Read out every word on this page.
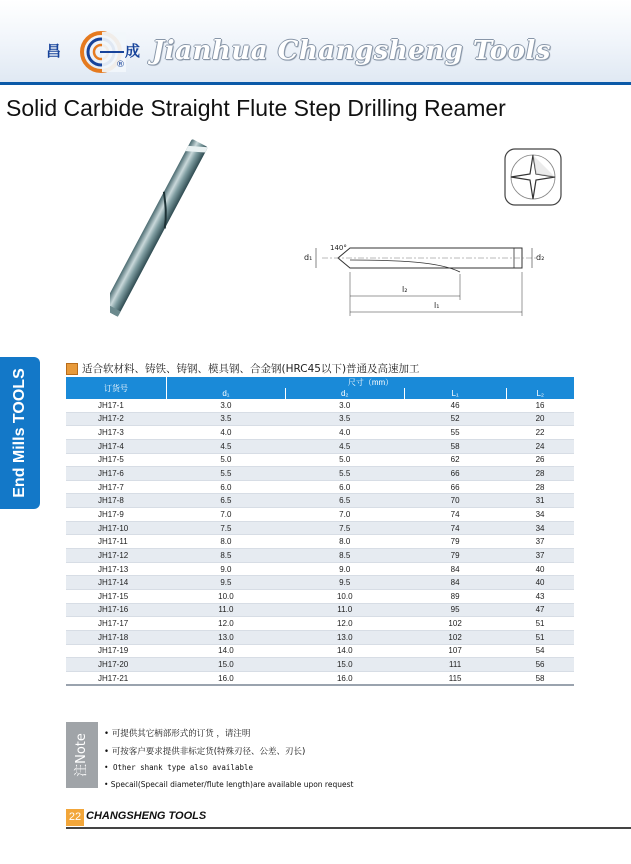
昌
®
成 Jianhua Changsheng Tools
Solid Carbide Straight Flute Step Drilling Reamer
d₁
140°
d₂
l₂
l₁
End Mills TOOLS	适合软材料、铸铁、铸钢、模具钢、合金钢(HRC45以下)普通及高速加工
订货号	尺寸（mm）			
	d₁	d₂	L₁	L₂
JH17-1	3.0	3.0	46	16
JH17-2	3.5	3.5	52	20
JH17-3	4.0	4.0	55	22
JH17-4	4.5	4.5	58	24
JH17-5	5.0	5.0	62	26
JH17-6	5.5	5.5	66	28
JH17-7	6.0	6.0	66	28
JH17-8	6.5	6.5	70	31
JH17-9	7.0	7.0	74	34
JH17-10	7.5	7.5	74	34
JH17-11	8.0	8.0	79	37
JH17-12	8.5	8.5	79	37
JH17-13	9.0	9.0	84	40
JH17-14	9.5	9.5	84	40
JH17-15	10.0	10.0	89	43
JH17-16	11.0	11.0	95	47
JH17-17	12.0	12.0	102	51
JH17-18	13.0	13.0	102	51
JH17-19	14.0	14.0	107	54
JH17-20	15.0	15.0	111	56
JH17-21	16.0	16.0	115	58
注Note	• 可提供其它柄部形式的订货 ，请注明
• 可按客户要求提供非标定货(特殊刃径、公差、刃长)
• Other shank type also available
• Specail(Specail diameter/flute length)are available upon request
22 CHANGSHENG TOOLS
